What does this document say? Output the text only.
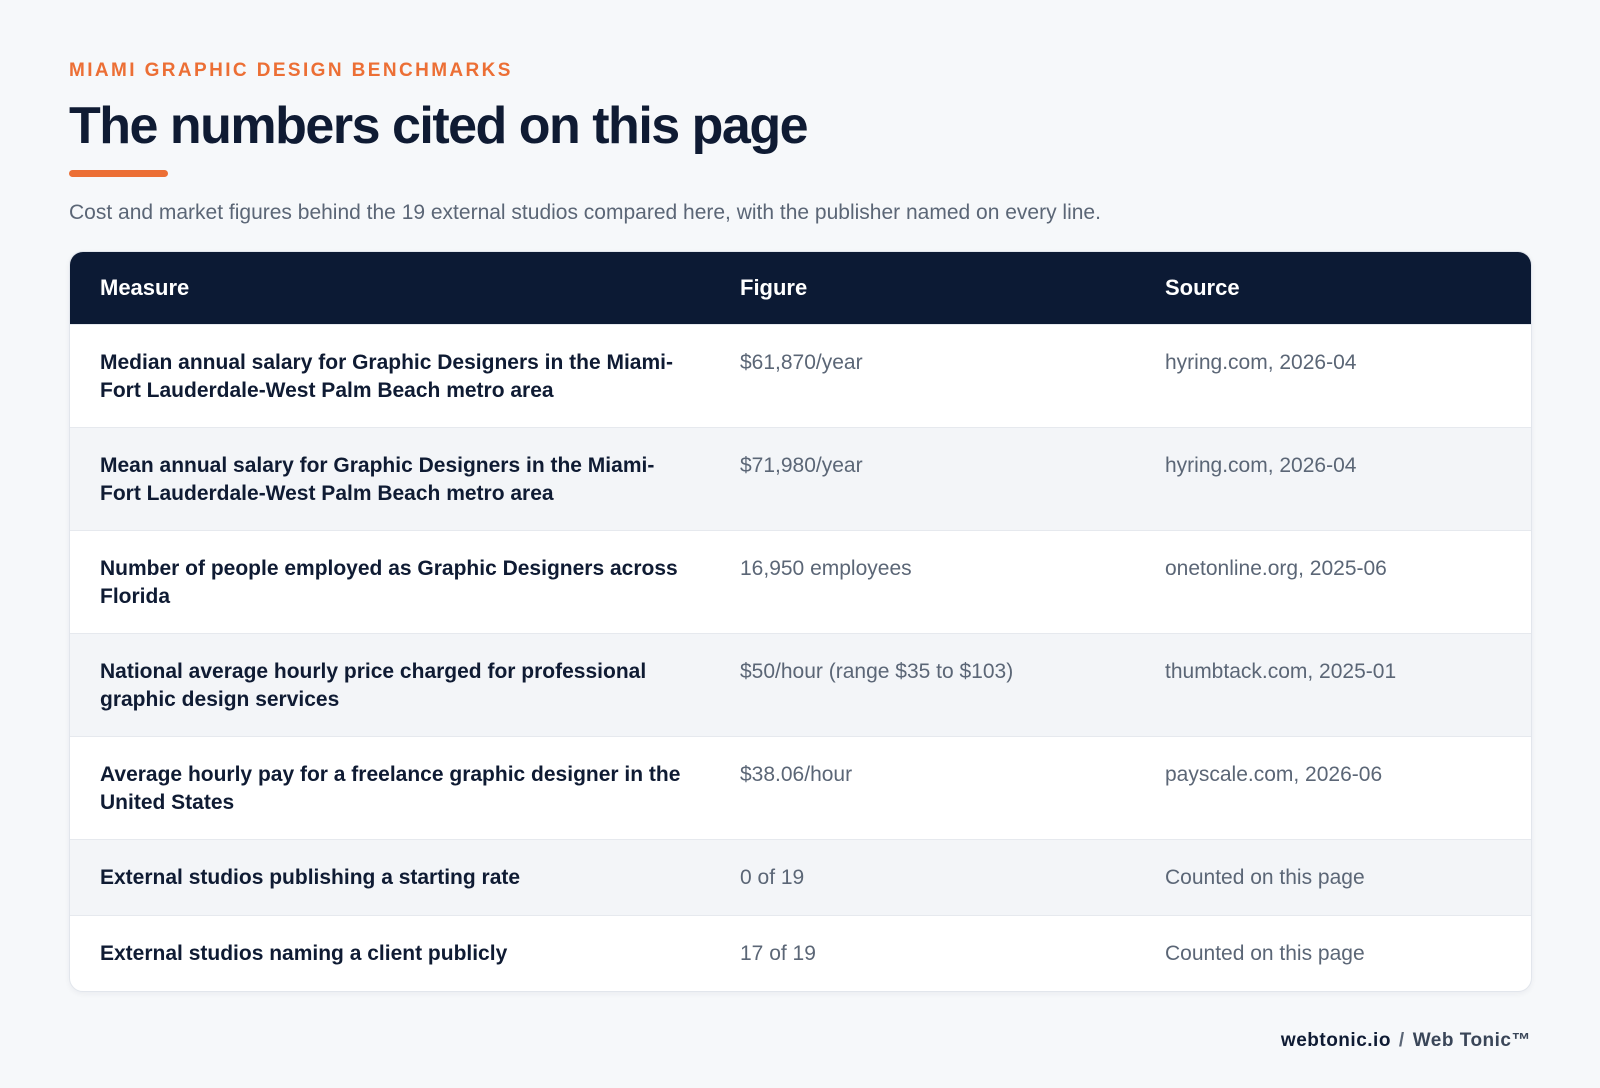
MIAMI GRAPHIC DESIGN BENCHMARKS

The numbers cited on this page

Cost and market figures behind the 19 external studios compared here, with the publisher named on every line.

Measure	Figure	Source
Median annual salary for Graphic Designers in the Miami-Fort Lauderdale-West Palm Beach metro area	$61,870/year	hyring.com, 2026-04
Mean annual salary for Graphic Designers in the Miami-Fort Lauderdale-West Palm Beach metro area	$71,980/year	hyring.com, 2026-04
Number of people employed as Graphic Designers across Florida	16,950 employees	onetonline.org, 2025-06
National average hourly price charged for professional graphic design services	$50/hour (range $35 to $103)	thumbtack.com, 2025-01
Average hourly pay for a freelance graphic designer in the United States	$38.06/hour	payscale.com, 2026-06
External studios publishing a starting rate	0 of 19	Counted on this page
External studios naming a client publicly	17 of 19	Counted on this page
webtonic.io / Web Tonic™
